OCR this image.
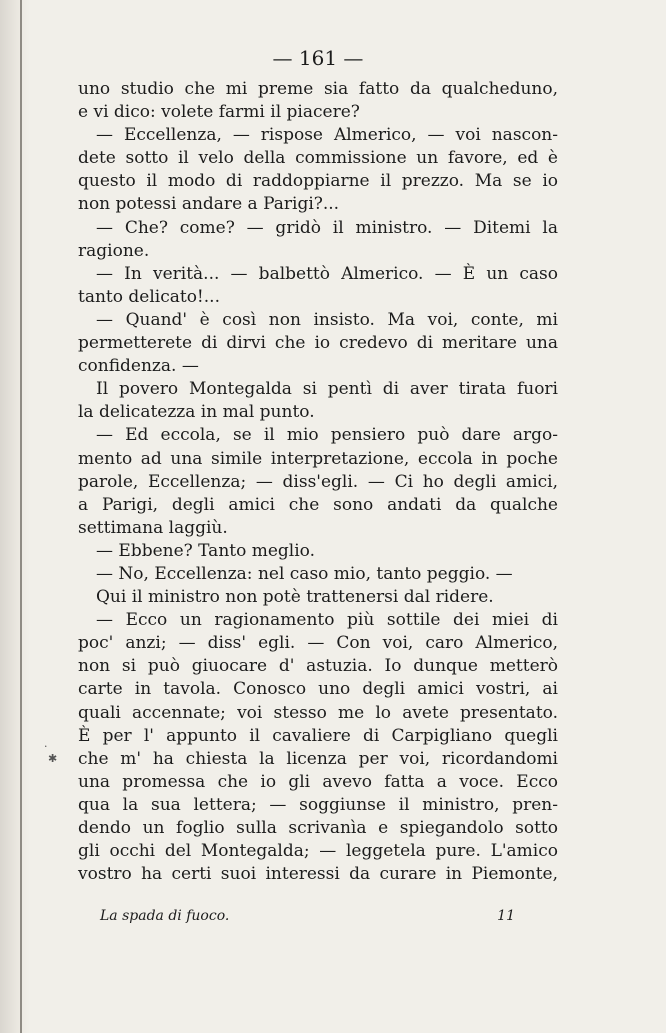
·
✱
— 161 —
uno studio che mi preme sia fatto da qualcheduno,
e vi dico: volete farmi il piacere?
— Eccellenza, — rispose Almerico, — voi nascon-
dete sotto il velo della commissione un favore, ed è
questo il modo di raddoppiarne il prezzo. Ma se io
non potessi andare a Parigi?...
— Che? come? — gridò il ministro. — Ditemi la
ragione.
— In verità... — balbettò Almerico. — È un caso
tanto delicato!...
— Quand' è così non insisto. Ma voi, conte, mi
permetterete di dirvi che io credevo di meritare una
confidenza. —
Il povero Montegalda si pentì di aver tirata fuori
la delicatezza in mal punto.
— Ed eccola, se il mio pensiero può dare argo-
mento ad una simile interpretazione, eccola in poche
parole, Eccellenza; — diss'egli. — Ci ho degli amici,
a Parigi, degli amici che sono andati da qualche
settimana laggiù.
— Ebbene? Tanto meglio.
— No, Eccellenza: nel caso mio, tanto peggio. —
Qui il ministro non potè trattenersi dal ridere.
— Ecco un ragionamento più sottile dei miei di
poc' anzi; — diss' egli. — Con voi, caro Almerico,
non si può giuocare d' astuzia. Io dunque metterò
carte in tavola. Conosco uno degli amici vostri, ai
quali accennate; voi stesso me lo avete presentato.
È per l' appunto il cavaliere di Carpigliano quegli
che m' ha chiesta la licenza per voi, ricordandomi
una promessa che io gli avevo fatta a voce. Ecco
qua la sua lettera; — soggiunse il ministro, pren-
dendo un foglio sulla scrivanìa e spiegandolo sotto
gli occhi del Montegalda; — leggetela pure. L'amico
vostro ha certi suoi interessi da curare in Piemonte,
La spada di fuoco.	11
